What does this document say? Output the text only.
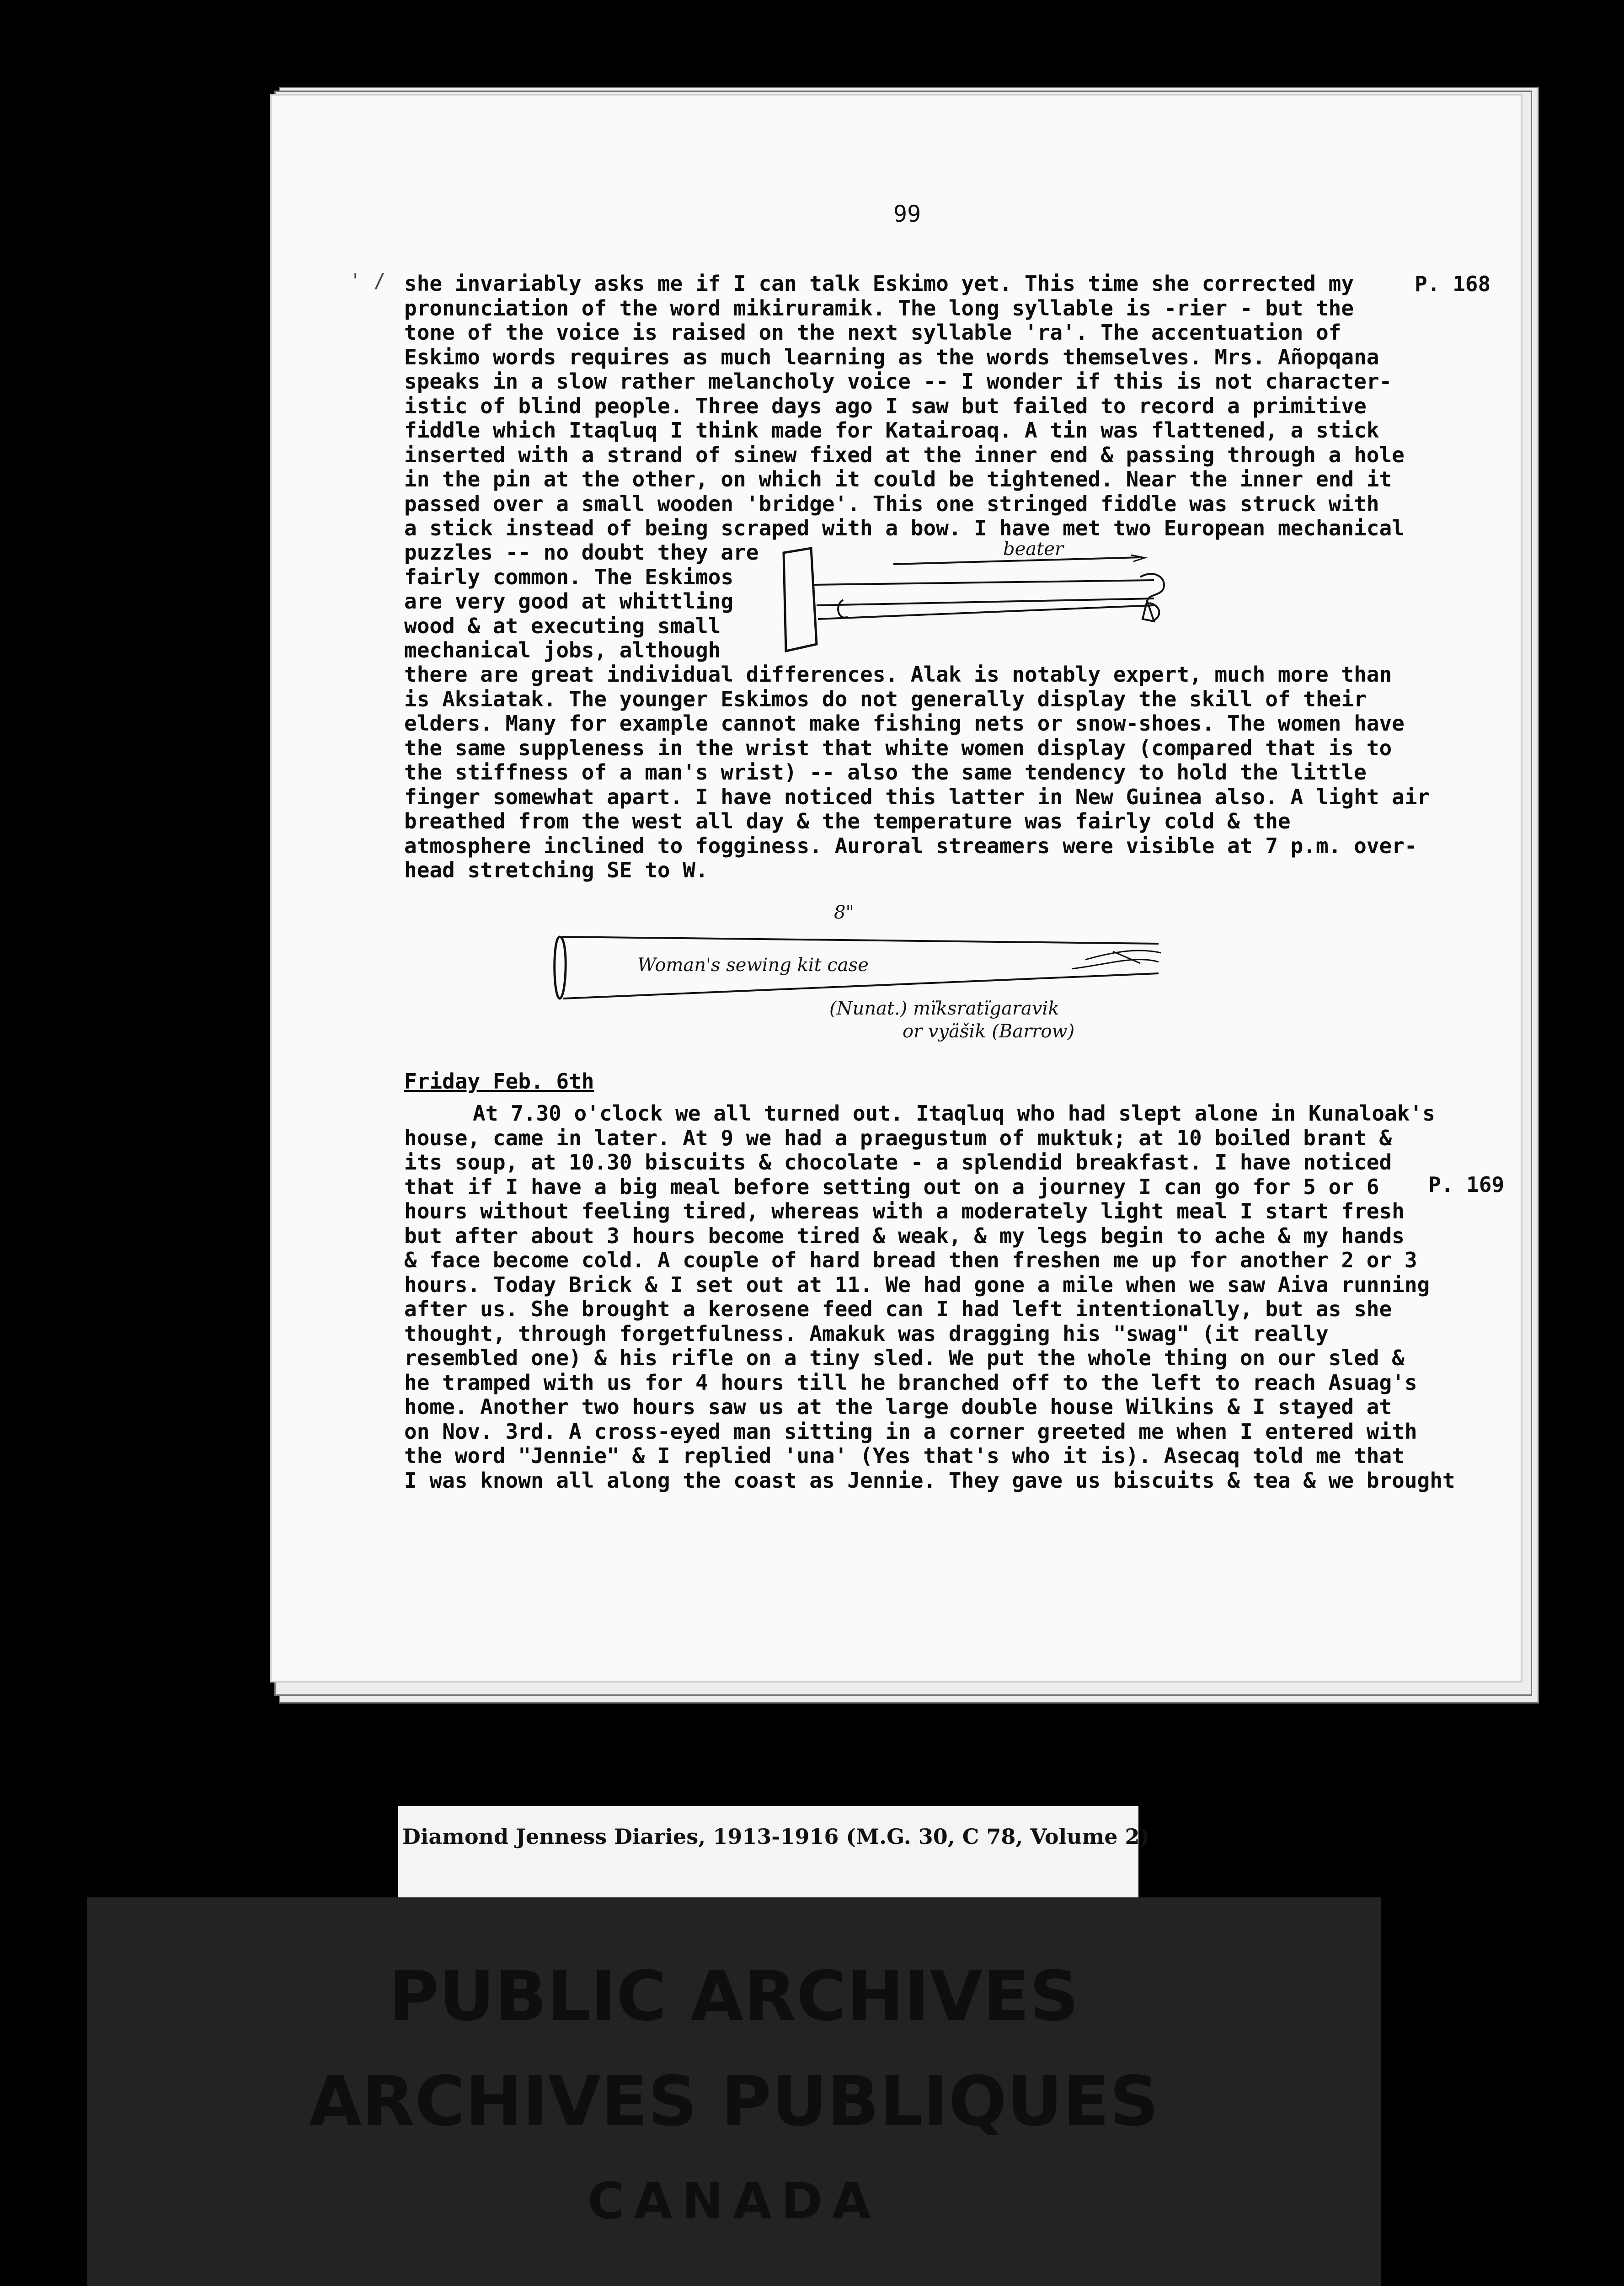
99
' /	P. 168
P. 169
she invariably asks me if I can talk Eskimo yet. This time she corrected my
pronunciation of the word mikiruramik. The long syllable is -rier - but the
tone of the voice is raised on the next syllable 'ra'. The accentuation of
Eskimo words requires as much learning as the words themselves. Mrs. Añopqana
speaks in a slow rather melancholy voice -- I wonder if this is not character-
istic of blind people. Three days ago I saw but failed to record a primitive
fiddle which Itaqluq I think made for Katairoaq. A tin was flattened, a stick
inserted with a strand of sinew fixed at the inner end & passing through a hole
in the pin at the other, on which it could be tightened. Near the inner end it
passed over a small wooden 'bridge'. This one stringed fiddle was struck with
a stick instead of being scraped with a bow. I have met two European mechanical
puzzles -- no doubt they are
fairly common. The Eskimos
are very good at whittling
wood & at executing small
mechanical jobs, although
beater
there are great individual differences. Alak is notably expert, much more than
is Aksiatak. The younger Eskimos do not generally display the skill of their
elders. Many for example cannot make fishing nets or snow-shoes. The women have
the same suppleness in the wrist that white women display (compared that is to
the stiffness of a man's wrist) -- also the same tendency to hold the little
finger somewhat apart. I have noticed this latter in New Guinea also. A light air
breathed from the west all day & the temperature was fairly cold & the
atmosphere inclined to fogginess. Auroral streamers were visible at 7 p.m. over-
head stretching SE to W.
8"
Woman's sewing kit case
(Nunat.) mïksratïgaravik
or vyäšik (Barrow)
Friday Feb. 6th
At 7.30 o'clock we all turned out. Itaqluq who had slept alone in Kunaloak's
house, came in later. At 9 we had a praegustum of muktuk; at 10 boiled brant &
its soup, at 10.30 biscuits & chocolate - a splendid breakfast. I have noticed
that if I have a big meal before setting out on a journey I can go for 5 or 6
hours without feeling tired, whereas with a moderately light meal I start fresh
but after about 3 hours become tired & weak, & my legs begin to ache & my hands
& face become cold. A couple of hard bread then freshen me up for another 2 or 3
hours. Today Brick & I set out at 11. We had gone a mile when we saw Aiva running
after us. She brought a kerosene feed can I had left intentionally, but as she
thought, through forgetfulness. Amakuk was dragging his "swag" (it really
resembled one) & his rifle on a tiny sled. We put the whole thing on our sled &
he tramped with us for 4 hours till he branched off to the left to reach Asuag's
home. Another two hours saw us at the large double house Wilkins & I stayed at
on Nov. 3rd. A cross-eyed man sitting in a corner greeted me when I entered with
the word "Jennie" & I replied 'una' (Yes that's who it is). Asecaq told me that
I was known all along the coast as Jennie. They gave us biscuits & tea & we brought
Diamond Jenness Diaries, 1913-1916 (M.G. 30, C 78, Volume 2)
PUBLIC ARCHIVES
ARCHIVES PUBLIQUES
CANADA
